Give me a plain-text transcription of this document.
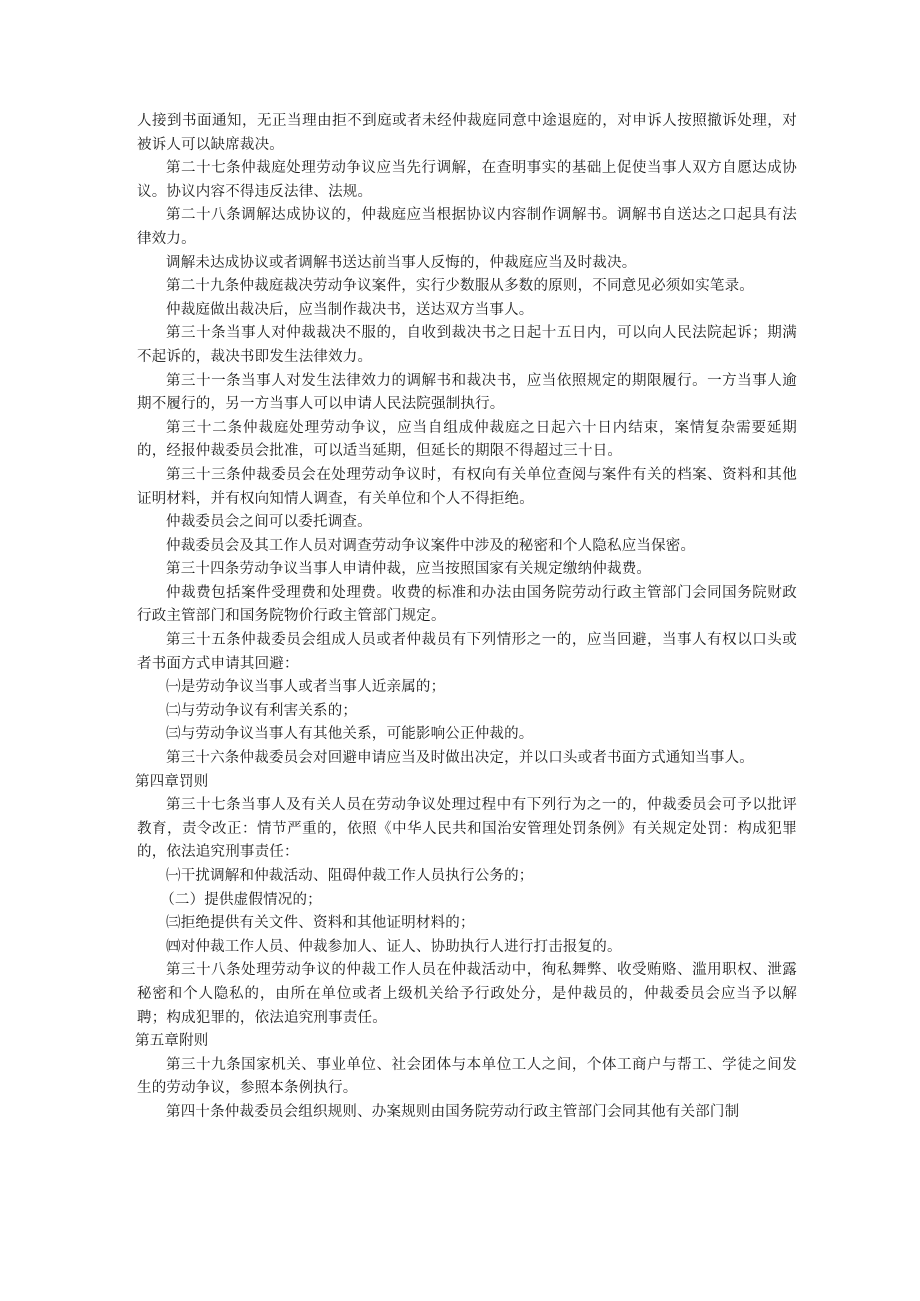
人接到书面通知，无正当理由拒不到庭或者未经仲裁庭同意中途退庭的，对申诉人按照撤诉处理，对被诉人可以缺席裁决。

第二十七条仲裁庭处理劳动争议应当先行调解，在查明事实的基础上促使当事人双方自愿达成协议。协议内容不得违反法律、法规。

第二十八条调解达成协议的，仲裁庭应当根据协议内容制作调解书。调解书自送达之口起具有法律效力。

调解未达成协议或者调解书送达前当事人反悔的，仲裁庭应当及时裁决。

第二十九条仲裁庭裁决劳动争议案件，实行少数服从多数的原则，不同意见必须如实笔录。

仲裁庭做出裁决后，应当制作裁决书，送达双方当事人。

第三十条当事人对仲裁裁决不服的，自收到裁决书之日起十五日内，可以向人民法院起诉；期满不起诉的，裁决书即发生法律效力。

第三十一条当事人对发生法律效力的调解书和裁决书，应当依照规定的期限履行。一方当事人逾期不履行的，另一方当事人可以申请人民法院强制执行。

第三十二条仲裁庭处理劳动争议，应当自组成仲裁庭之日起六十日内结束，案情复杂需要延期的，经报仲裁委员会批准，可以适当延期，但延长的期限不得超过三十日。

第三十三条仲裁委员会在处理劳动争议时，有权向有关单位查阅与案件有关的档案、资料和其他证明材料，并有权向知情人调查，有关单位和个人不得拒绝。

仲裁委员会之间可以委托调查。

仲裁委员会及其工作人员对调查劳动争议案件中涉及的秘密和个人隐私应当保密。

第三十四条劳动争议当事人申请仲裁，应当按照国家有关规定缴纳仲裁费。

仲裁费包括案件受理费和处理费。收费的标准和办法由国务院劳动行政主管部门会同国务院财政行政主管部门和国务院物价行政主管部门规定。

第三十五条仲裁委员会组成人员或者仲裁员有下列情形之一的，应当回避，当事人有权以口头或者书面方式申请其回避：

㈠是劳动争议当事人或者当事人近亲属的；

㈡与劳动争议有利害关系的；

㈢与劳动争议当事人有其他关系，可能影响公正仲裁的。

第三十六条仲裁委员会对回避申请应当及时做出决定，并以口头或者书面方式通知当事人。

第四章罚则

第三十七条当事人及有关人员在劳动争议处理过程中有下列行为之一的，仲裁委员会可予以批评教育，责令改正：情节严重的，依照《中华人民共和国治安管理处罚条例》有关规定处罚：构成犯罪的，依法追究刑事责任：

㈠干扰调解和仲裁活动、阻碍仲裁工作人员执行公务的；

（二）提供虚假情况的；

㈢拒绝提供有关文件、资料和其他证明材料的；

㈣对仲裁工作人员、仲裁参加人、证人、协助执行人进行打击报复的。

第三十八条处理劳动争议的仲裁工作人员在仲裁活动中，徇私舞弊、收受贿赂、滥用职权、泄露秘密和个人隐私的，由所在单位或者上级机关给予行政处分，是仲裁员的，仲裁委员会应当予以解聘；构成犯罪的，依法追究刑事责任。

第五章附则

第三十九条国家机关、事业单位、社会团体与本单位工人之间，个体工商户与帮工、学徒之间发生的劳动争议，参照本条例执行。

第四十条仲裁委员会组织规则、办案规则由国务院劳动行政主管部门会同其他有关部门制
